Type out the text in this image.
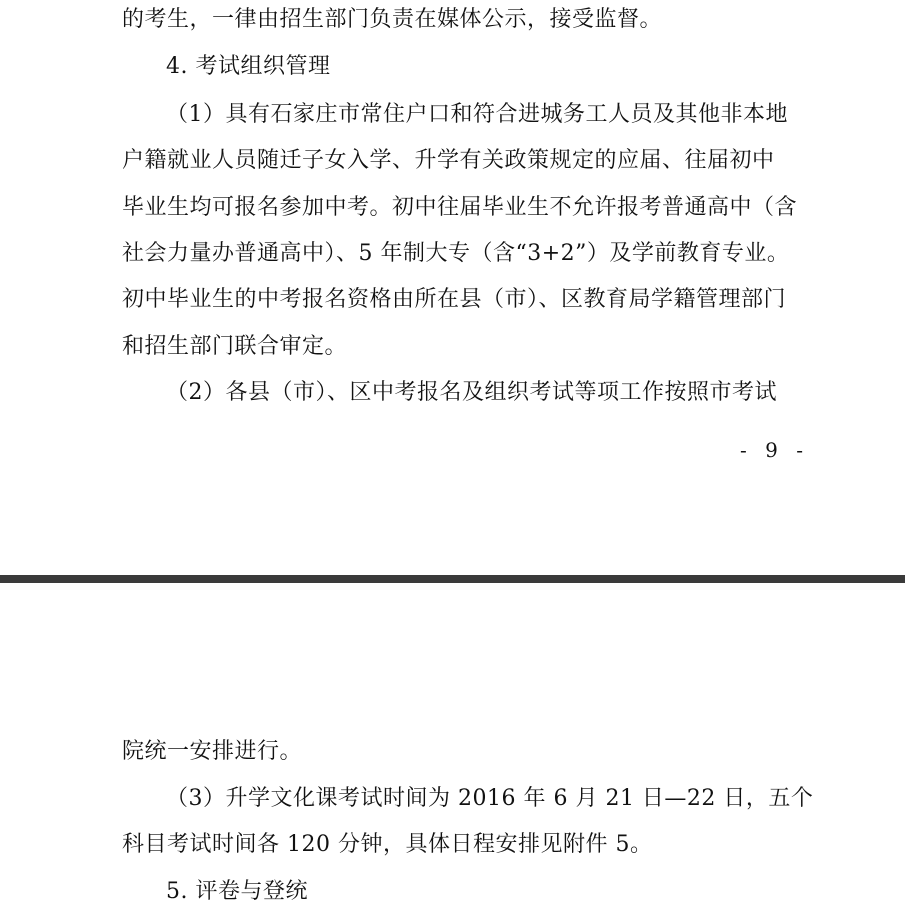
的考生，一律由招生部门负责在媒体公示，接受监督。
4. 考试组织管理
（1）具有石家庄市常住户口和符合进城务工人员及其他非本地
户籍就业人员随迁子女入学、升学有关政策规定的应届、往届初中
毕业生均可报名参加中考。初中往届毕业生不允许报考普通高中（含
社会力量办普通高中）、5 年制大专（含“3+2”）及学前教育专业。
初中毕业生的中考报名资格由所在县（市）、区教育局学籍管理部门
和招生部门联合审定。
（2）各县（市）、区中考报名及组织考试等项工作按照市考试
- 9 -
院统一安排进行。
（3）升学文化课考试时间为 2016 年 6 月 21 日—22 日，五个
科目考试时间各 120 分钟，具体日程安排见附件 5。
5. 评卷与登统
